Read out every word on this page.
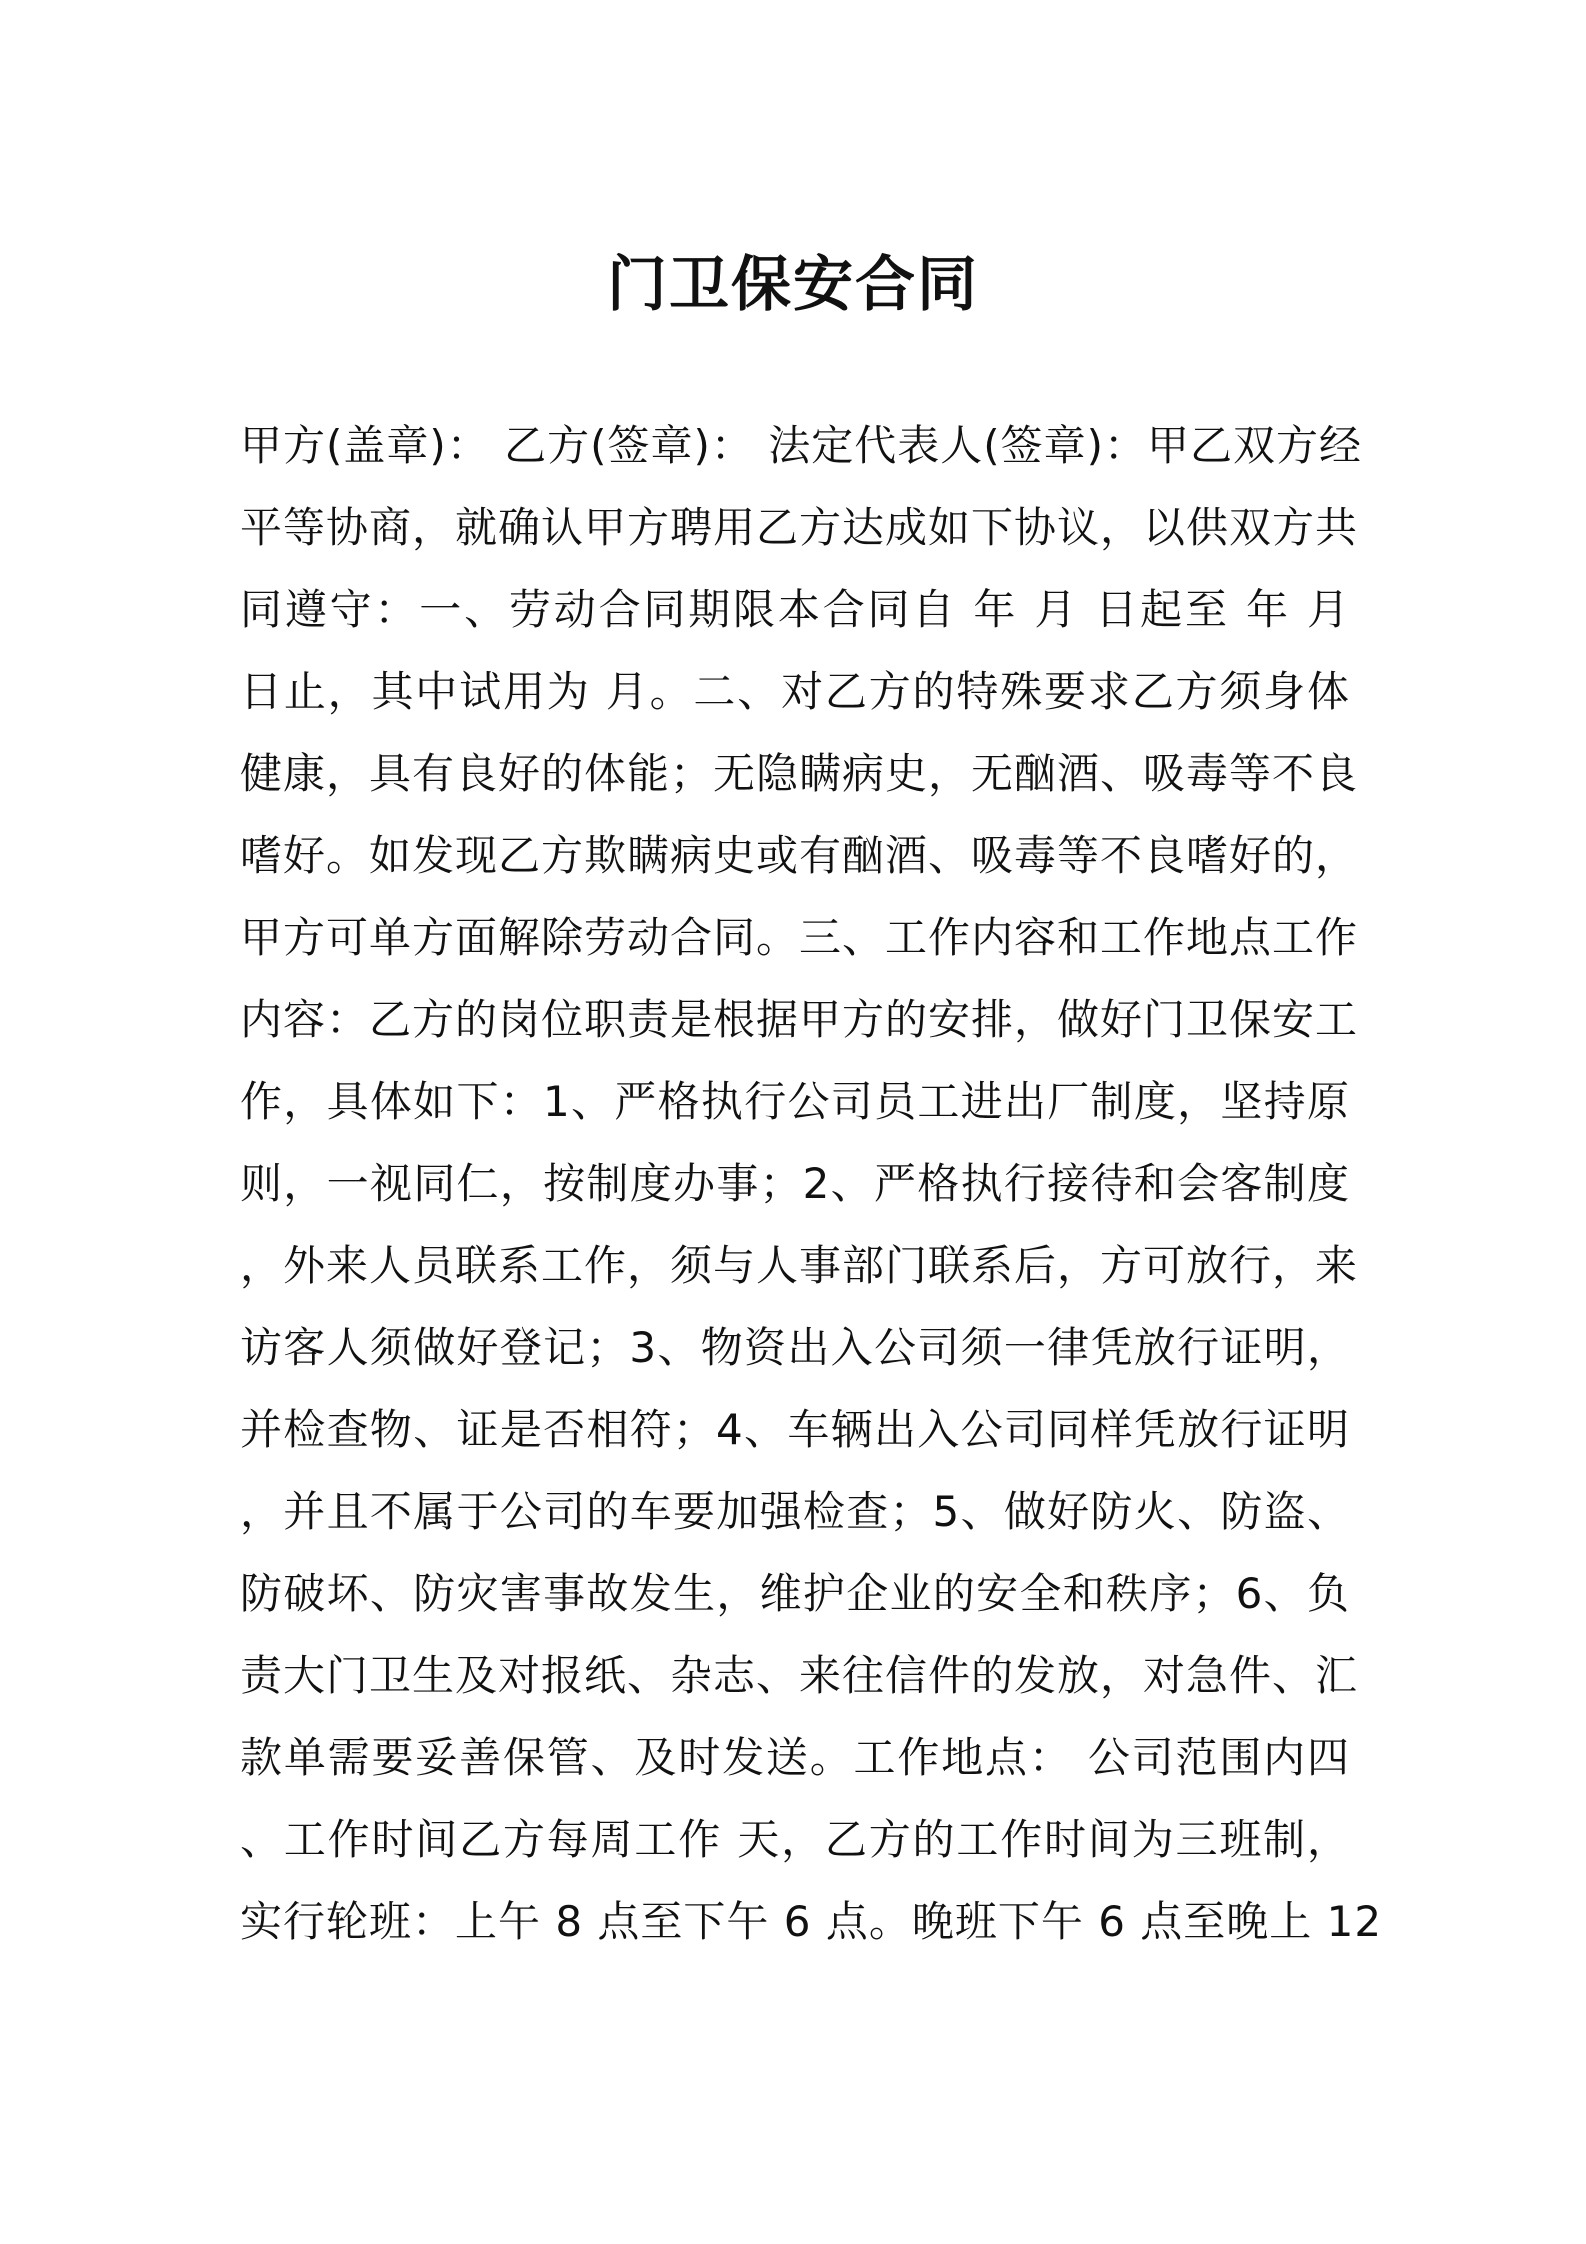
门卫保安合同
甲方(盖章)： 乙方(签章)： 法定代表人(签章)：甲乙双方经
平等协商，就确认甲方聘用乙方达成如下协议，以供双方共
同遵守：一、劳动合同期限本合同自 年 月 日起至 年 月
日止，其中试用为 月。二、对乙方的特殊要求乙方须身体
健康，具有良好的体能；无隐瞒病史，无酗酒、吸毒等不良
嗜好。如发现乙方欺瞒病史或有酗酒、吸毒等不良嗜好的，
甲方可单方面解除劳动合同。三、工作内容和工作地点工作
内容：乙方的岗位职责是根据甲方的安排，做好门卫保安工
作，具体如下：1、严格执行公司员工进出厂制度，坚持原
则，一视同仁，按制度办事；2、严格执行接待和会客制度
，外来人员联系工作，须与人事部门联系后，方可放行，来
访客人须做好登记；3、物资出入公司须一律凭放行证明，
并检查物、证是否相符；4、车辆出入公司同样凭放行证明
，并且不属于公司的车要加强检查；5、做好防火、防盗、
防破坏、防灾害事故发生，维护企业的安全和秩序；6、负
责大门卫生及对报纸、杂志、来往信件的发放，对急件、汇
款单需要妥善保管、及时发送。工作地点： 公司范围内四
、工作时间乙方每周工作 天，乙方的工作时间为三班制，
实行轮班：上午 8 点至下午 6 点。晚班下午 6 点至晚上 12
